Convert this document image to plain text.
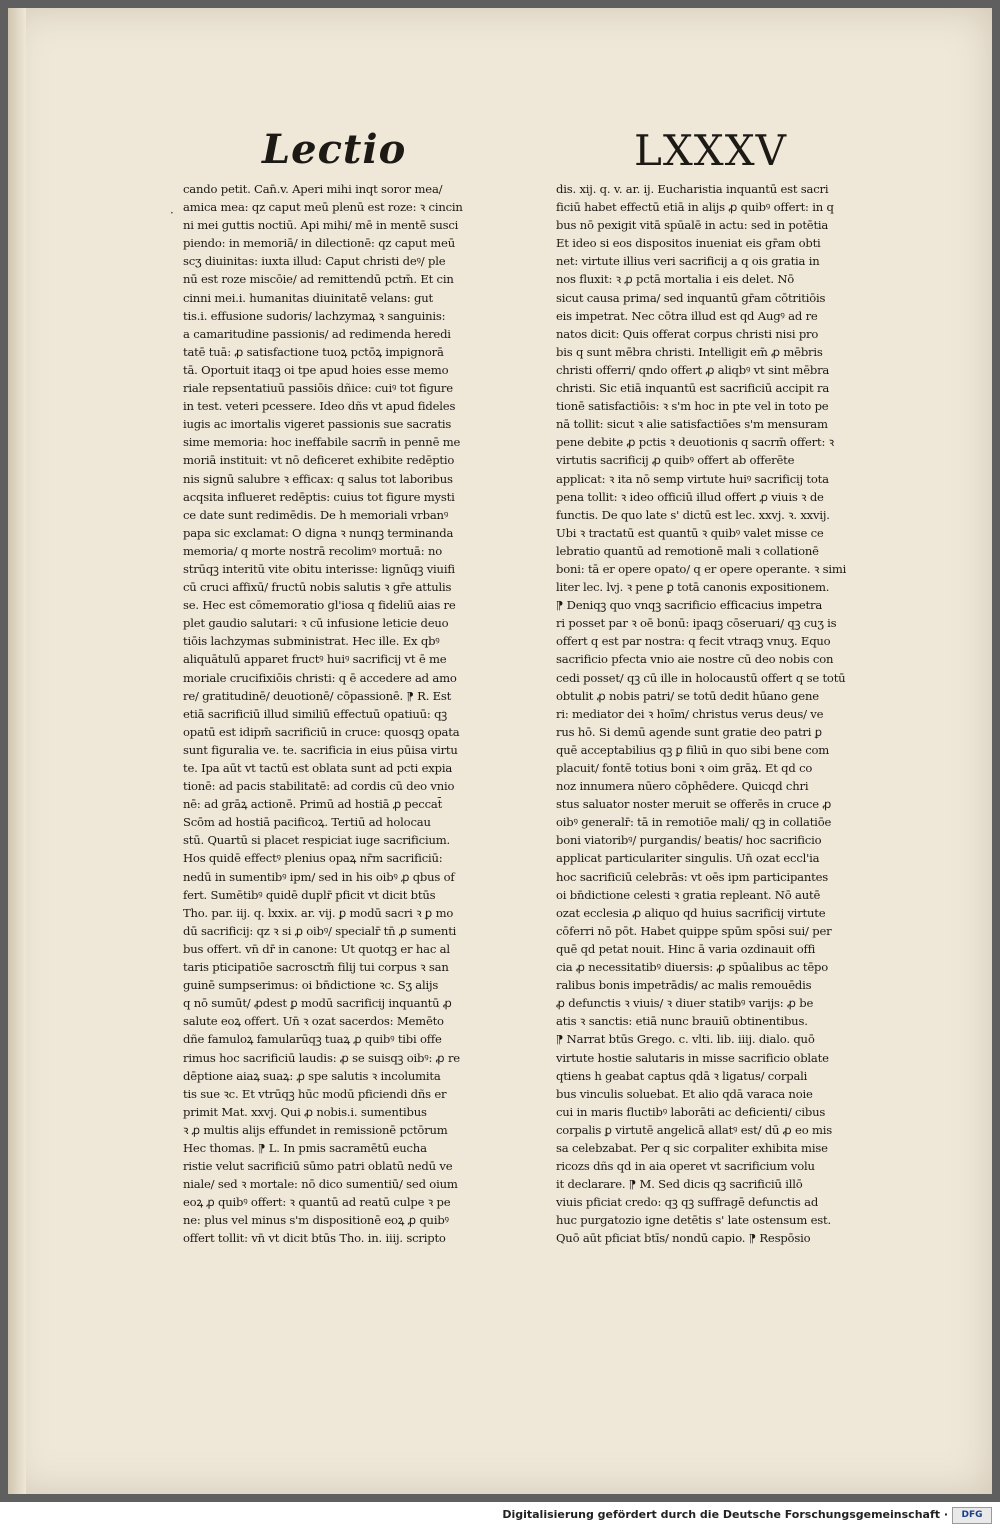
Lectio	LXXXV
·
cando petit. Can̄.v. Aperi mihi inqt soror mea/
amica mea: qz caput meū plenū est roze: ꝛ cincin
ni mei guttis noctiū. Api mihi/ mē in mentē susci
piendo: in memoriā/ in dilectionē: qz caput meū
scʒ diuinitas: iuxta illud: Caput christi deꝰ/ ple
nū est roze miscōie/ ad remittendū pctm̄. Et cin
cinni mei.i. humanitas diuinitatē velans: gut
tis.i. effusione sudoris/ lachzymaꝝ ꝛ sanguinis:
a camaritudine passionis/ ad redimenda heredi
tatē tuā: ꝓ satisfactione tuoꝝ pctōꝝ impignorā
tā. Oportuit itaqꝫ oi tpe apud hoies esse memo
riale repsentatiuū passiōis dñice: cuiꝰ tot figure
in test. veteri pcessere. Ideo dñs vt apud fideles
iugis ac imortalis vigeret passionis sue sacratis
sime memoria: hoc ineffabile sacrm̄ in pennē me
moriā instituit: vt nō deficeret exhibite redēptio
nis signū salubre ꝛ efficax: q salus tot laboribus
acqsita influeret redēptis: cuius tot figure mysti
ce date sunt redimēdis. De h memoriali vrbanꝰ
papa sic exclamat: O digna ꝛ nunqꝫ terminanda
memoria/ q morte nostrā recolimꝰ mortuā: no
strūqꝫ interitū vite obitu interisse: lignūqꝫ viuifi
cū cruci affixū/ fructū nobis salutis ꝛ gr̄e attulis
se. Hec est cōmemoratio gl'iosa q fideliū aias re
plet gaudio salutari: ꝛ cū infusione leticie deuo
tiōis lachzymas subministrat. Hec ille. Ex qbꝰ
aliquātulū apparet fructꝰ huiꝰ sacrificij vt ē me
moriale crucifixiōis christi: q ē accedere ad amo
re/ gratitudinē/ deuotionē/ cōpassionē. ⁋ R. Est
etiā sacrificiū illud similiū effectuū opatiuū: qꝫ
opatū est idipm̄ sacrificiū in cruce: quosqꝫ opata
sunt figuralia ve. te. sacrificia in eius pūisa virtu
te. Ipa aūt vt tactū est oblata sunt ad pcti expia
tionē: ad pacis stabilitatē: ad cordis cū deo vnio
nē: ad grāꝝ actionē. Primū ad hostiā ꝓ peccat̄
Scōm ad hostiā pacificoꝝ. Tertiū ad holocau
stū. Quartū si placet respiciat iuge sacrificium.
Hos quidē effectꝰ plenius opaꝝ nr̄m sacrificiū:
nedū in sumentibꝰ ipm/ sed in his oibꝰ ꝓ qbus of
fert. Sumētibꝰ quidē duplr̄ pficit vt dicit btūs
Tho. par. iij. q. lxxix. ar. vij. ꝑ modū sacri ꝛ ꝑ mo
dū sacrificij: qz ꝛ si ꝓ oibꝰ/ specialr̄ tn̄ ꝓ sumenti
bus offert. vn̄ dr̄ in canone: Ut quotqꝫ er hac al
taris pticipatiōe sacrosctm̄ filij tui corpus ꝛ san
guinē sumpserimus: oi bn̄dictione ꝛc. Sʒ alijs
q nō sumūt/ ꝓdest ꝑ modū sacrificij inquantū ꝓ
salute eoꝝ offert. Un̄ ꝛ ozat sacerdos: Memēto
dñe famuloꝝ famularūqꝫ tuaꝝ ꝓ quibꝰ tibi offe
rimus hoc sacrificiū laudis: ꝓ se suisqꝫ oibꝰ: ꝓ re
dēptione aiaꝝ suaꝝ: ꝓ spe salutis ꝛ incolumita
tis sue ꝛc. Et vtrūqꝫ hūc modū pficiendi dñs er
primit Mat. xxvj. Qui ꝓ nobis.i. sumentibus
ꝛ ꝓ multis alijs effundet in remissionē pctōrum
Hec thomas. ⁋ L. In pmis sacramētū eucha
ristie velut sacrificiū sūmo patri oblatū nedū ve
niale/ sed ꝛ mortale: nō dico sumentiū/ sed oium
eoꝝ ꝓ quibꝰ offert: ꝛ quantū ad reatū culpe ꝛ pe
ne: plus vel minus s'm dispositionē eoꝝ ꝓ quibꝰ
offert tollit: vn̄ vt dicit btūs Tho. in. iiij. scripto
dis. xij. q. v. ar. ij. Eucharistia inquantū est sacri
ficiū habet effectū etiā in alijs ꝓ quibꝰ offert: in q
bus nō pexigit vitā spūalē in actu: sed in potētia
Et ideo si eos dispositos inueniat eis gr̄am obti
net: virtute illius veri sacrificij a q ois gratia in
nos fluxit: ꝛ ꝓ pctā mortalia i eis delet. Nō
sicut causa prima/ sed inquantū gr̄am cōtritiōis
eis impetrat. Nec cōtra illud est qd Augꝰ ad re
natos dicit: Quis offerat corpus christi nisi pro
bis q sunt mēbra christi. Intelligit em̄ ꝓ mēbris
christi offerri/ qndo offert ꝓ aliqbꝰ vt sint mēbra
christi. Sic etiā inquantū est sacrificiū accipit ra
tionē satisfactiōis: ꝛ s'm hoc in pte vel in toto pe
nā tollit: sicut ꝛ alie satisfactiōes s'm mensuram
pene debite ꝓ pctis ꝛ deuotionis q sacrm̄ offert: ꝛ
virtutis sacrificij ꝓ quibꝰ offert ab offerēte
applicat: ꝛ ita nō semp virtute huiꝰ sacrificij tota
pena tollit: ꝛ ideo officiū illud offert ꝓ viuis ꝛ de
functis. De quo late s' dictū est lec. xxvj. ꝛ. xxvij.
Ubi ꝛ tractatū est quantū ꝛ quibꝰ valet misse ce
lebratio quantū ad remotionē mali ꝛ collationē
boni: tā er opere opato/ q er opere operante. ꝛ simi
liter lec. lvj. ꝛ pene ꝑ totā canonis expositionem.
⁋ Deniqꝫ quo vnqꝫ sacrificio efficacius impetra
ri posset par ꝛ oē bonū: ipaqꝫ cōseruari/ qꝫ cuʒ is
offert q est par nostra: q fecit vtraqꝫ vnuʒ. Equo
sacrificio pfecta vnio aie nostre cū deo nobis con
cedi posset/ qꝫ cū ille in holocaustū offert q se totū
obtulit ꝓ nobis patri/ se totū dedit hūano gene
ri: mediator dei ꝛ hoīm/ christus verus deus/ ve
rus hō. Si demū agende sunt gratie deo patri ꝑ
quē acceptabilius qꝫ ꝑ filiū in quo sibi bene com
placuit/ fontē totius boni ꝛ oim grāꝝ. Et qd co
noz innumera nūero cōphēdere. Quicqd chri
stus saluator noster meruit se offerēs in cruce ꝓ
oibꝰ generalr̄: tā in remotiōe mali/ qꝫ in collatiōe
boni viatoribꝰ/ purgandis/ beatis/ hoc sacrificio
applicat particulariter singulis. Un̄ ozat eccl'ia
hoc sacrificiū celebrās: vt oēs ipm participantes
oi bn̄dictione celesti ꝛ gratia repleant. Nō autē
ozat ecclesia ꝓ aliquo qd huius sacrificij virtute
cōferri nō pōt. Habet quippe spūm spōsi sui/ per
quē qd petat nouit. Hinc ā varia ozdinauit offi
cia ꝓ necessitatibꝰ diuersis: ꝓ spūalibus ac tēpo
ralibus bonis impetrādis/ ac malis remouēdis
ꝓ defunctis ꝛ viuis/ ꝛ diuer statibꝰ varijs: ꝓ be
atis ꝛ sanctis: etiā nunc brauiū obtinentibus.
⁋ Narrat btūs Grego. c. vlti. lib. iiij. dialo. quō
virtute hostie salutaris in misse sacrificio oblate
qtiens h geabat captus qdā ꝛ ligatus/ corpali
bus vinculis soluebat. Et alio qdā varaca noie
cui in maris fluctibꝰ laborāti ac deficienti/ cibus
corpalis ꝑ virtutē angelicā allatꝰ est/ dū ꝓ eo mis
sa celebzabat. Per q sic corpaliter exhibita mise
ricozs dñs qd in aia operet vt sacrificium volu
it declarare. ⁋ M. Sed dicis qꝫ sacrificiū illō
viuis pficiat credo: qꝫ qꝫ suffragē defunctis ad
huc purgatozio igne detētis s' late ostensum est.
Quō aūt pficiat btīs/ nondū capio. ⁋ Respōsio
Digitalisierung gefördert durch die Deutsche Forschungsgemeinschaft ·	DFG
